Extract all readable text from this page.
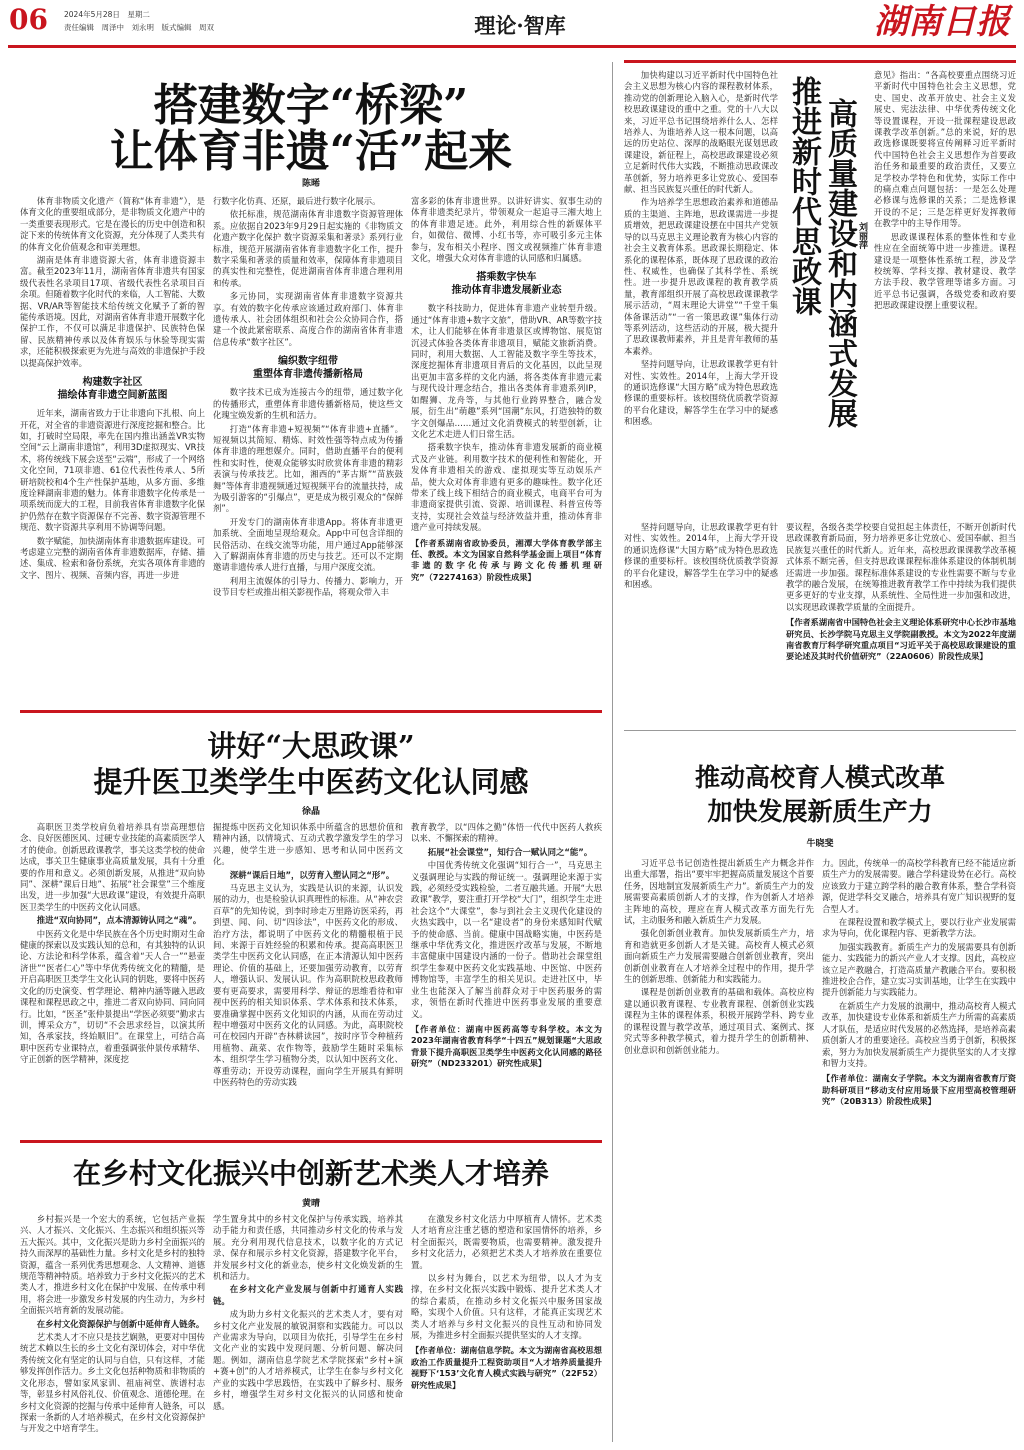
06 2024年5月28日　星期二
责任编辑　周泽中　刘永明　版式编辑　周双	理论·智库	湖南日报
搭建数字“桥梁”
让体育非遗“活”起来
陈晞

体育非物质文化遗产（简称“体育非遗”），是体育文化的重要组成部分，是非物质文化遗产中的一类重要表现形式。它是在漫长的历史中创造和积淀下来的传统体育文化资源，充分体现了人类共有的体育文化价值观念和审美理想。

湖南是体育非遗资源大省，体育非遗资源丰富。截至2023年11月，湖南省体育非遗共有国家级代表性名录项目17项、省级代表性名录项目百余项。但随着数字化时代的来临，人工智能、大数据、VR/AR等智能技术给传统文化赋予了新的智能传承语境。因此，对湖南省体育非遗开展数字化保护工作，不仅可以满足非遗保护、民族特色保留、民族精神传承以及体育娱乐与休验等现实需求，还能积极探索更为先进与高效的非遗保护手段以提高保护效率。

构建数字社区
描绘体育非遗空间新蓝图

近年来，湖南省致力于让非遗向下扎根、向上开花，对全省的非遗资源进行深度挖掘和整合。比如，打破时空局限，率先在国内推出涵盖VR实物空间“云上湖南非遗馆”，利用3D虚拟现实、VR技术，将传统线下展会送至“云端”，形成了一个网络文化空间，71项非遗、61位代表性传承人、5所研培院校和4个生产性保护基地，从多方面、多维度诠释湖南非遗的魅力。体育非遗数字化传承是一项系统而庞大的工程，目前我省体育非遗数字化保护仍然存在数字资源保存不完善、数字资源管理不规范、数字资源共享利用不协调等问题。

数字赋能，加快湖南体育非遗数据库建设。可考虑建立完整的湖南省体育非遗数据库，存储、描述、集成、检索和备份系统，充实各项体育非遗的文字、图片、视频、音频内容，再进一步进

行数字化仿真、还原，最后进行数字化展示。

依托标准，规范湖南体育非遗数字资源管理体系。应依据自2023年9月29日起实施的《非物质文化遗产数字化保护 数字资源采集和著录》系列行业标准，规范开展湖南省体育非遗数字化工作，提升数字采集和著录的质量和效率，保障体育非遗项目的真实性和完整性，促进湖南省体育非遗合理利用和传承。

多元协同，实现湖南省体育非遗数字资源共享。有效的数字化传承应该通过政府部门、体育非遗传承人、社会团体组织和社会公众协同合作，搭建一个彼此紧密联系、高度合作的湖南省体育非遗信息传承“数字社区”。

编织数字纽带
重塑体育非遗传播新格局

数字技术已成为连接古今的纽带，通过数字化的传播形式，重塑体育非遗传播新格局，使这些文化瑰宝焕发新的生机和活力。

打造“体育非遗+短视频”“体育非遗+直播”。短视频以其简短、精炼、时效性强等特点成为传播体育非遗的理想媒介。同时，借助直播平台的便利性和实时性，使观众能够实时欣赏体育非遗的精彩表演与传承技艺。比如，湘西的“茅古斯”“苗族鼓舞”等体育非遗视频通过短视频平台的流量扶持，成为吸引游客的“引爆点”，更是成为极引观众的“保鲜剂”。

开发专门的湖南体育非遗App。将体育非遗更加系统、全面地呈现给观众。App中可包含详细的民俗活动、在线交流等功能，用户通过App能够深入了解湖南体育非遗的历史与技艺。还可以不定期邀请非遗传承人进行直播，与用户深度交流。

利用主流媒体的引导力、传播力、影响力，开设节目专栏或推出相关影视作品，将观众带入丰

富多彩的体育非遗世界。以讲好讲实、叙事生动的体育非遗类纪录片，带领观众一起追寻三湘大地上的体育非遗足迹。此外，利用综合性的新媒体平台，如微信、微博、小红书等，亦可吸引多元主体参与，发布相关小程序、图文或视频推广体育非遗文化，增强大众对体育非遗的认同感和归属感。

搭乘数字快车
推动体育非遗发展新业态

数字科技助力，促进体育非遗产业转型升级。通过“体育非遗+数字文旅”，借助VR、AR等数字技术，让人们能够在体育非遗景区或博物馆、展览馆沉浸式体验各类体育非遗项目，赋能文旅新消费。同时，利用大数据、人工智能及数字孪生等技术，深度挖掘体育非遗项目背后的文化基因，以此呈现出更加丰富多样的文化内涵，将各类体育非遗元素与现代设计理念结合，推出各类体育非遗系列IP，如醒狮、龙舟等，与其他行业跨界整合，融合发展，衍生出“萌趣”系列“国潮”东风，打造独特的数字文创爆品……通过文化消费模式的转型创新，让文化艺术走进人们日常生活。

搭乘数字快车，推动体育非遗发展新的商业模式及产业链。利用数字技术的便利性和智能化，开发体育非遗相关的游戏、虚拟现实等互动娱乐产品，使大众对体育非遗有更多的趣味性。数字化还带来了线上线下相结合的商业模式，电商平台可为非遗商家提供引流、资源、培训课程、科普宣传等支持，实现社会效益与经济效益并重，推动体育非遗产业可持续发展。

【作者系湖南省政协委员，湘潭大学体育教学部主任、教授。本文为国家自然科学基金面上项目“体育非遗的数字化传承与跨文化传播机理研究”（72274163）阶段性成果】

讲好“大思政课”
提升医卫类学生中医药文化认同感
徐晶

高职医卫类学校肩负着培养具有崇高理想信念、良好医德医风、过硬专业技能的高素质医学人才的使命。创新思政课教学，事关这类学校的使命达成，事关卫生健康事业高质量发展，具有十分重要的作用和意义。必须创新发展，从推进“双向协同”、深耕“课后日地”、拓展“社会课堂”三个维度出发，进一步加强“大思政课”建设，有效提升高职医卫类学生的中医药文化认同感。

推进“双向协同”，点本清源铸认同之“魂”。

中医药文化是中华民族在各个历史时期对生命健康的探索以及实践认知的总和，有其独特的认识论、方法论和科学体系，蕴含着“天人合一”“悬壶济世”“医者仁心”等中华优秀传统文化的精髓，是开启高职医卫类学生文化认同的钥匙，要将中医药文化的历史演变、哲学理论、精神内涵等融入思政课程和课程思政之中，推进二者双向协同、同向同行。比如，“医圣”张仲景提出“学医必须要”勤求古训，博采众方”，切切“不会思求经旨，以演其所知，各承家技，终始顺旧”。在课堂上，可结合高职中医药专业课特点，着重强调张仲景传承精华、守正创新的医学精神，深度挖

掘提炼中医药文化知识体系中所蕴含的思想价值和精神内涵，以情境式、互动式教学激发学生的学习兴趣，使学生进一步感知、思考和认同中医药文化。

深耕“课后日地”，以劳育入塑认同之“形”。

马克思主义认为，实践是认识的来源，认识发展的动力，也是检验认识真理性的标准。从“神农尝百草”的先知传说，到李时珍走万里路访医采药，再到望、闻、问、切“四诊法”，中医药文化的形成、治疗方法，都说明了中医药文化的精髓根植于民间、来源于百姓经验的积累和传承。提高高职医卫类学生中医药文化认同感，在正本清源认知中医药理论、价值的基础上，还要加强劳动教育，以劳育人，增强认识、发展认识。作为高职院校思政教师要有更高要求，需要用科学、辩证的思维看待和审视中医药的相关知识体系、学术体系和技术体系，要准确掌握中医药文化知识的内涵，从而在劳动过程中增强对中医药文化的认同感。为此，高职院校可在校园内开辟“杏林耕读园”，按时序节令种植药用植物、蔬菜、农作物等，鼓励学生随时采集标本、组织学生学习植物分类，以认知中医药文化、尊重劳动；开设劳动课程，面向学生开展具有鲜明中医药特色的劳动实践

教育教学，以“四体之勤”体悟一代代中医药人救疾以来、不懈探索的精神。

拓展“社会课堂”，知行合一赋认同之“能”。

中国优秀传统文化强调“知行合一”，马克思主义强调理论与实践的辩证统一。强调理论来源于实践，必须经受实践检验，二者互融共通。开展“大思政课”教学，要注重打开学校“大门”，组织学生走进社会这个“大课堂”，参与到社会主义现代化建设的火热实践中，以一名“建设者”的身份来感知时代赋予的使命感、当前。健康中国战略实施，中医药是继承中华优秀文化，推进医疗改革与发展，不断地丰富健康中国建设内涵的一份子。借助社会课堂组织学生参观中医药文化实践基地、中医馆、中医药博物馆等，丰富学生的相关见识。走进社区中，毕业生也能深入了解当前群众对于中医药服务的需求，领悟在新时代推进中医药事业发展的重要意义。

【作者单位：湖南中医药高等专科学校。本文为2023年湖南省教育科学“十四五”规划课题“大思政背景下提升高职医卫类学生中医药文化认同感的路径研究”（ND233201）研究性成果】

在乡村文化振兴中创新艺术类人才培养
黄晴

乡村振兴是一个宏大的系统，它包括产业振兴、人才振兴、文化振兴、生态振兴和组织振兴等五大振兴。其中，文化振兴是助力乡村全面振兴的持久而深厚的基础性力量。乡村文化是乡村的独特资源，蕴含一系列优秀思想观念、人文精神、道德规范等精神特质。培养致力于乡村文化振兴的艺术类人才，推进乡村文化在保护中发展、在传承中利用，将会进一步激发乡村发展的内生动力，为乡村全面振兴培育新的发展动能。

在乡村文化资源保护与创新中延伸育人链条。

艺术类人才不应只是技艺娴熟，更要对中国传统艺术赖以生长的乡土文化有深切体会，对中华优秀传统文化有坚定的认同与自信，只有这样，才能够发挥创作活力。乡土文化包括种物质和非物质的文化形态，譬如家风家训、祖庙祠堂、族谱村志等，彰显乡村风俗礼仪、价值观念、道德伦理。在乡村文化资源的挖掘与传承中延伸育人链条，可以探索一条新的人才培养模式，在乡村文化资源保护与开发之中培育学生。

学生置身其中的乡村文化保护与传承实践，培养其动手能力和责任感，共同推动乡村文化的传承与发展。充分利用现代信息技术，以数字化的方式记录、保存和展示乡村文化资源，搭建数字化平台，并发展乡村文化的新业态，使乡村文化焕发新的生机和活力。

在乡村文化产业发展与创新中打通育人实践链。

成为助力乡村文化振兴的艺术类人才，要有对乡村文化产业发展的敏锐洞察和实践能力。可以以产业需求为导向，以项目为依托，引导学生在乡村文化产业的实践中发现问题、分析问题、解决问题。例如，湖南信息学院艺术学院探索“乡村+演+赛+创”的人才培养模式，让学生在参与乡村文化产业的实践中学思践悟，在实践中了解乡村、服务乡村，增强学生对乡村文化振兴的认同感和使命感。

在激发乡村文化活力中厚植育人情怀。艺术类人才培育应注重艺德的塑造和家国情怀的培养，乡村全面振兴，既需要物质，也需要精神。激发提升乡村文化活力，必须把艺术类人才培养放在重要位置。

以乡村为舞台，以艺术为纽带，以人才为支撑，在乡村文化振兴实践中锻炼、提升艺术类人才的综合素质，在推动乡村文化振兴中服务国家战略，实现个人价值。只有这样，才能真正实现艺术类人才培养与乡村文化振兴的良性互动和协同发展，为推进乡村全面振兴提供坚实的人才支撑。

【作者单位：湖南信息学院。本文为湖南省高校思想政治工作质量提升工程资助项目“人才培养质量提升视野下‘153’文化育人模式实践与研究”（22F52）研究性成果】

加快构建以习近平新时代中国特色社会主义思想为核心内容的课程教材体系，推动党的创新理论入脑入心，是新时代学校思政课建设的重中之重。党的十八大以来，习近平总书记围绕培养什么人、怎样培养人、为谁培养人这一根本问题，以高远的历史站位、深厚的战略眼光谋划思政课建设，新征程上，高校思政课建设必须立足新时代伟大实践，不断推动思政课改革创新，努力培养更多让党放心、爱国奉献、担当民族复兴重任的时代新人。

作为培养学生思想政治素养和道德品质的主渠道、主阵地，思政课需进一步提质增效，把思政课建设摆在中国共产党领导的以马克思主义理论教育为核心内容的社会主义教育体系。思政课长期稳定、体系化的课程体系，既体现了思政课的政治性、权威性，也确保了其科学性、系统性。进一步提升思政课程的教育教学质量，教育部组织开展了高校思政课课教学展示活动，“周末理论大讲堂”“千堂千集体备课活动”“一省一策思政课”集体行动等系列活动，这些活动的开展，极大提升了思政课教师素养，并且是青年教师的基本素养。

坚持问题导向，让思政课教学更有针对性、实效性。2014年，上海大学开设的通识选修课“大国方略”成为特色思政选修课的重要标杆。该校围绕优质教学资源的平台化建设，解答学生在学习中的疑惑和困惑。

推进新时代思政课 高质量建设和内涵式发展 刘丽萍

意见》指出：“各高校要重点围绕习近平新时代中国特色社会主义思想，党史、国史、改革开放史、社会主义发展史、宪法法律、中华优秀传统文化等设置课程，开设一批课程建设思政课教学改革创新。”总的来说，好的思政选修课既要将宣传阐释习近平新时代中国特色社会主义思想作为首要政治任务和最重要的政治责任，又要立足学校办学特色和优势，实际工作中的痛点难点问题包括：一是怎么处理必修课与选修课的关系；二是选修课开设的不足；三是怎样更好发挥教师在教学中的主导作用等。

思政课课程体系的整体性和专业性应在全面统筹中进一步推进。课程建设是一项整体性系统工程，涉及学校统筹、学科支撑、教材建设、教学方法手段、教学管理等诸多方面。习近平总书记强调，各级党委和政府要把思政课建设摆上重要议程。

要议程，各级各类学校要自觉担起主体责任，不断开创新时代思政课教育新局面，努力培养更多让党放心、爱国奉献、担当民族复兴重任的时代新人。近年来，高校思政课课教学改革模式体系不断完善，但支持思政课课程标准体系建设的体制机制还需进一步加强。课程标准体系建设的专业性需要不断与专业教学的融合发展，在统筹推进教育教学工作中持续为我们提供更多更好的专业支撑，从系统性、全局性进一步加强和改进，以实现思政课教学质量的全面提升。

【作者系湖南省中国特色社会主义理论体系研究中心长沙市基地研究员、长沙学院马克思主义学院副教授。本文为2022年度湖南省教育厅科学研究重点项目“习近平关于高校思政课建设的重要论述及其时代价值研究”（22A0606）阶段性成果】

坚持问题导向，让思政课教学更有针对性、实效性。2014年，上海大学开设的通识选修课“大国方略”成为特色思政选修课的重要标杆。该校围绕优质教学资源的平台化建设，解答学生在学习中的疑惑和困惑。

推动高校育人模式改革
加快发展新质生产力
牛晓斐

习近平总书记创造性提出新质生产力概念并作出重大部署，指出“要牢牢把握高质量发展这个首要任务，因地制宜发展新质生产力”。新质生产力的发展需要高素质创新人才的支撑，作为创新人才培养主阵地的高校，理应在育人模式改革方面先行先试，主动服务和融入新质生产力发展。

强化创新创业教育。加快发展新质生产力，培育和造就更多创新人才是关键。高校育人模式必须面向新质生产力发展需要融合创新创业教育，突出创新创业教育在人才培养全过程中的作用，提升学生的创新思维、创新能力和实践能力。

课程是创新创业教育的基础和载体。高校应构建以通识教育课程、专业教育课程、创新创业实践课程为主体的课程体系，积极开展跨学科、跨专业的课程设置与教学改革，通过项目式、案例式、探究式等多种教学模式，着力提升学生的创新精神、创业意识和创新创业能力。

力。因此，传统单一的高校学科教育已经不能适应新质生产力的发展需要。融合学科建设势在必行。高校应该致力于建立跨学科的融合教育体系，整合学科资源，促进学科交叉融合，培养具有宽广知识视野的复合型人才。

在课程设置和教学模式上，要以行业产业发展需求为导向，优化课程内容、更新教学方法。

加强实践教育。新质生产力的发展需要具有创新能力、实践能力的新兴产业人才支撑。因此，高校应该立足产教融合，打造高质量产教融合平台。要积极推进校企合作，建立实习实训基地，让学生在实践中提升创新能力与实践能力。

在新质生产力发展的浪潮中，推动高校育人模式改革，加快建设专业体系和新质生产力所需的高素质人才队伍，是适应时代发展的必然选择，是培养高素质创新人才的重要途径。高校应当勇于创新，积极探索，努力为加快发展新质生产力提供坚实的人才支撑和智力支持。

【作者单位：湖南女子学院。本文为湖南省教育厅资助科研项目“移动支付应用场景下应用型高校管理研究”（20B313）阶段性成果】
